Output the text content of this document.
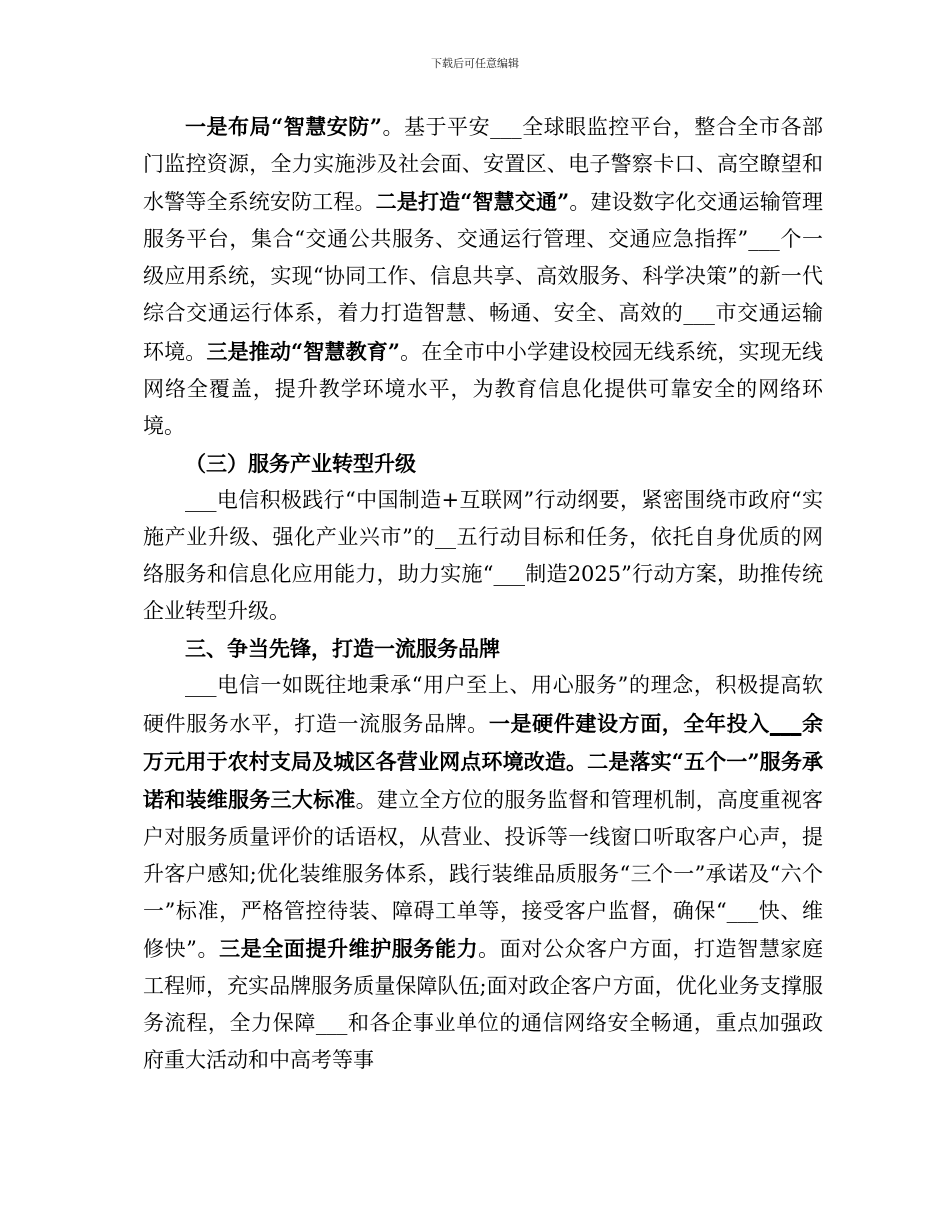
下载后可任意编辑

一是布局“智慧安防”。基于平安___全球眼监控平台，整合全市各部门监控资源，全力实施涉及社会面、安置区、电子警察卡口、高空瞭望和水警等全系统安防工程。二是打造“智慧交通”。建设数字化交通运输管理服务平台，集合“交通公共服务、交通运行管理、交通应急指挥”___个一级应用系统，实现“协同工作、信息共享、高效服务、科学决策”的新一代综合交通运行体系，着力打造智慧、畅通、安全、高效的___市交通运输环境。三是推动“智慧教育”。在全市中小学建设校园无线系统，实现无线网络全覆盖，提升教学环境水平，为教育信息化提供可靠安全的网络环境。

（三）服务产业转型升级

___电信积极践行“中国制造+互联网”行动纲要，紧密围绕市政府“实施产业升级、强化产业兴市”的__五行动目标和任务，依托自身优质的网络服务和信息化应用能力，助力实施“___制造2025”行动方案，助推传统企业转型升级。

三、争当先锋，打造一流服务品牌

___电信一如既往地秉承“用户至上、用心服务”的理念，积极提高软硬件服务水平，打造一流服务品牌。一是硬件建设方面，全年投入___余万元用于农村支局及城区各营业网点环境改造。二是落实“五个一”服务承诺和装维服务三大标准。建立全方位的服务监督和管理机制，高度重视客户对服务质量评价的话语权，从营业、投诉等一线窗口听取客户心声，提升客户感知;优化装维服务体系，践行装维品质服务“三个一”承诺及“六个一”标准，严格管控待装、障碍工单等，接受客户监督，确保“___快、维修快”。三是全面提升维护服务能力。面对公众客户方面，打造智慧家庭工程师，充实品牌服务质量保障队伍;面对政企客户方面，优化业务支撑服务流程，全力保障___和各企事业单位的通信网络安全畅通，重点加强政府重大活动和中高考等事
